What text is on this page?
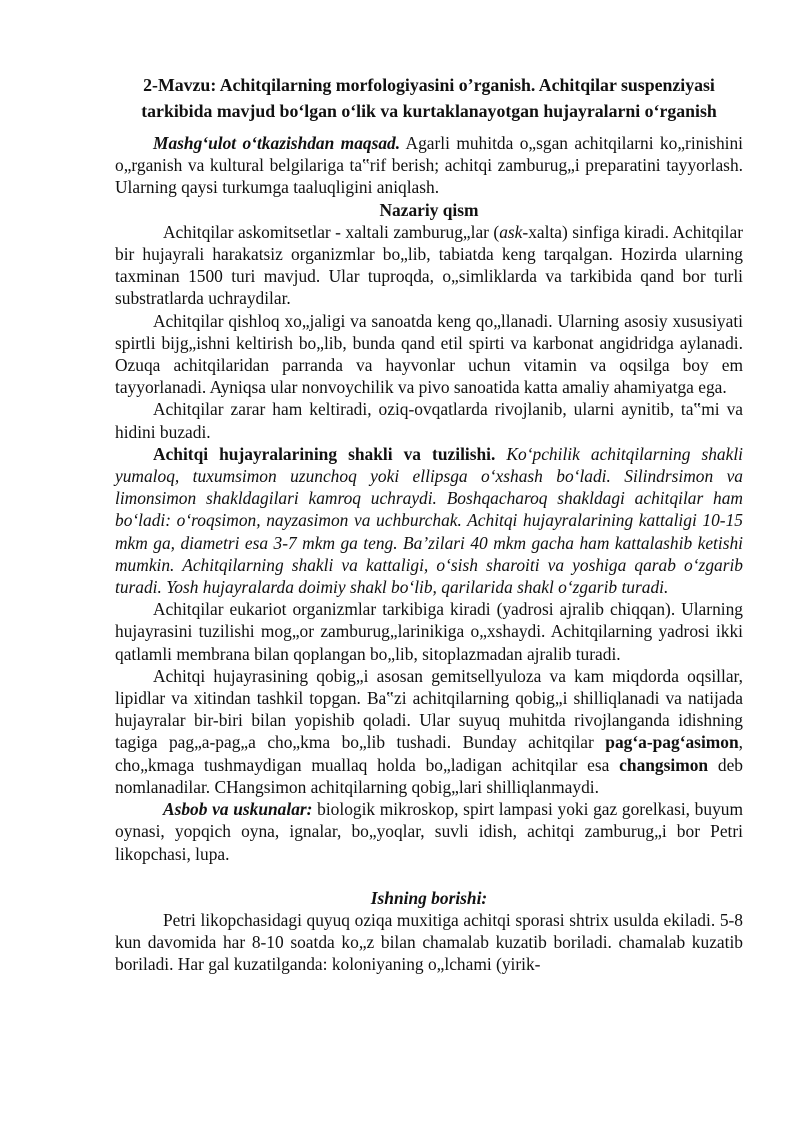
2-Mavzu: Achitqilarning morfologiyasini o’rganish. Achitqilar suspenziyasi
tarkibida mavjud bo‘lgan o‘lik va kurtaklanayotgan hujayralarni o‘rganish

Mashg‘ulot o‘tkazishdan maqsad. Agarli muhitda o„sgan achitqilarni ko„rinishini o„rganish va kultural belgilariga ta‟rif berish; achitqi zamburug„i preparatini tayyorlash. Ularning qaysi turkumga taaluqligini aniqlash.

Nazariy qism

Achitqilar askomitsetlar - xaltali zamburug„lar (ask-xalta) sinfiga kiradi. Achitqilar bir hujayrali harakatsiz organizmlar bo„lib, tabiatda keng tarqalgan. Hozirda ularning taxminan 1500 turi mavjud. Ular tuproqda, o„simliklarda va tarkibida qand bor turli substratlarda uchraydilar.

Achitqilar qishloq xo„jaligi va sanoatda keng qo„llanadi. Ularning asosiy xususiyati spirtli bijg„ishni keltirish bo„lib, bunda qand etil spirti va karbonat angidridga aylanadi. Ozuqa achitqilaridan parranda va hayvonlar uchun vitamin va oqsilga boy em tayyorlanadi. Ayniqsa ular nonvoychilik va pivo sanoatida katta amaliy ahamiyatga ega.

Achitqilar zarar ham keltiradi, oziq-ovqatlarda rivojlanib, ularni aynitib, ta‟mi va hidini buzadi.

Achitqi hujayralarining shakli va tuzilishi. Ko‘pchilik achitqilarning shakli yumaloq, tuxumsimon uzunchoq yoki ellipsga o‘xshash bo‘ladi. Silindrsimon va limonsimon shakldagilari kamroq uchraydi. Boshqacharoq shakldagi achitqilar ham bo‘ladi: o‘roqsimon, nayzasimon va uchburchak. Achitqi hujayralarining kattaligi 10-15 mkm ga, diametri esa 3-7 mkm ga teng. Ba’zilari 40 mkm gacha ham kattalashib ketishi mumkin. Achitqilarning shakli va kattaligi, o‘sish sharoiti va yoshiga qarab o‘zgarib turadi. Yosh hujayralarda doimiy shakl bo‘lib, qarilarida shakl o‘zgarib turadi.

Achitqilar eukariot organizmlar tarkibiga kiradi (yadrosi ajralib chiqqan). Ularning hujayrasini tuzilishi mog„or zamburug„larinikiga o„xshaydi. Achitqilarning yadrosi ikki qatlamli membrana bilan qoplangan bo„lib, sitoplazmadan ajralib turadi.

Achitqi hujayrasining qobig„i asosan gemitsellyuloza va kam miqdorda oqsillar, lipidlar va xitindan tashkil topgan. Ba‟zi achitqilarning qobig„i shilliqlanadi va natijada hujayralar bir-biri bilan yopishib qoladi. Ular suyuq muhitda rivojlanganda idishning tagiga pag„a-pag„a cho„kma bo„lib tushadi. Bunday achitqilar pag‘a-pag‘asimon, cho„kmaga tushmaydigan muallaq holda bo„ladigan achitqilar esa changsimon deb nomlanadilar. CHangsimon achitqilarning qobig„lari shilliqlanmaydi.

Asbob va uskunalar: biologik mikroskop, spirt lampasi yoki gaz gorelkasi, buyum oynasi, yopqich oyna, ignalar, bo„yoqlar, suvli idish, achitqi zamburug„i bor Petri likopchasi, lupa.

Ishning borishi:

Petri likopchasidagi quyuq oziqa muxitiga achitqi sporasi shtrix usulda ekiladi. 5-8 kun davomida har 8-10 soatda ko„z bilan chamalab kuzatib boriladi. chamalab kuzatib boriladi. Har gal kuzatilganda: koloniyaning o„lchami (yirik-
